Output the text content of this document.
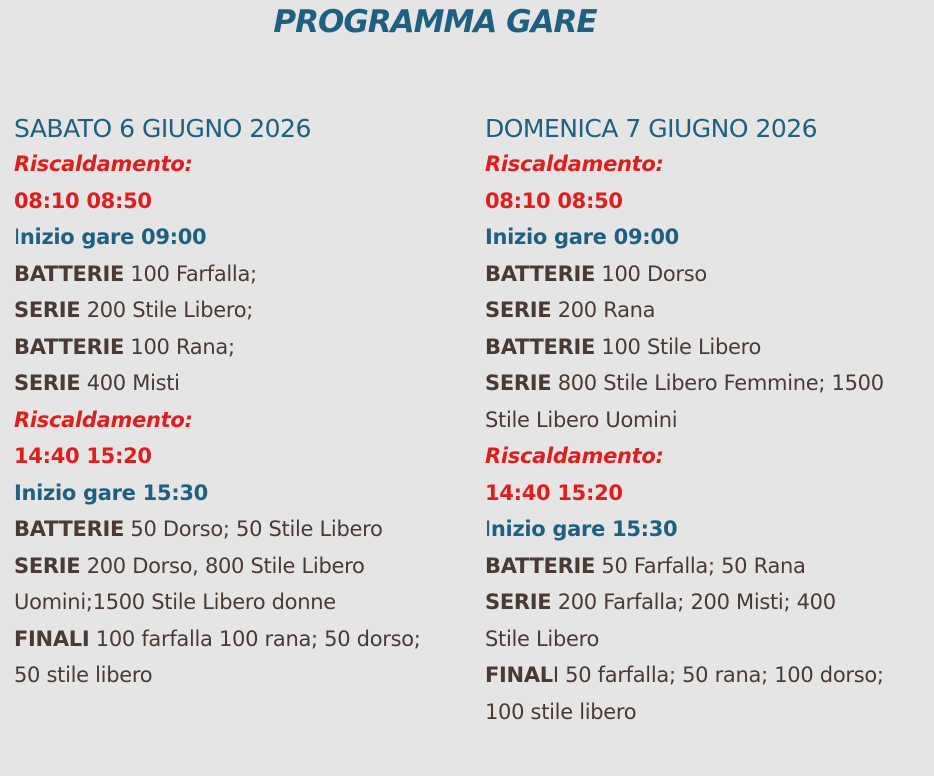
PROGRAMMA GARE
SABATO 6 GIUGNO 2026
Riscaldamento:
08:10 08:50
Inizio gare 09:00
BATTERIE 100 Farfalla;
SERIE 200 Stile Libero;
BATTERIE 100 Rana;
SERIE 400 Misti
Riscaldamento:
14:40 15:20
Inizio gare 15:30
BATTERIE 50 Dorso; 50 Stile Libero
SERIE 200 Dorso, 800 Stile Libero
Uomini;1500 Stile Libero donne
FINALI 100 farfalla 100 rana; 50 dorso;
50 stile libero
DOMENICA 7 GIUGNO 2026
Riscaldamento:
08:10 08:50
Inizio gare 09:00
BATTERIE 100 Dorso
SERIE 200 Rana
BATTERIE 100 Stile Libero
SERIE 800 Stile Libero Femmine; 1500
Stile Libero Uomini
Riscaldamento:
14:40 15:20
Inizio gare 15:30
BATTERIE 50 Farfalla; 50 Rana
SERIE 200 Farfalla; 200 Misti; 400
Stile Libero
FINALI 50 farfalla; 50 rana; 100 dorso;
100 stile libero
